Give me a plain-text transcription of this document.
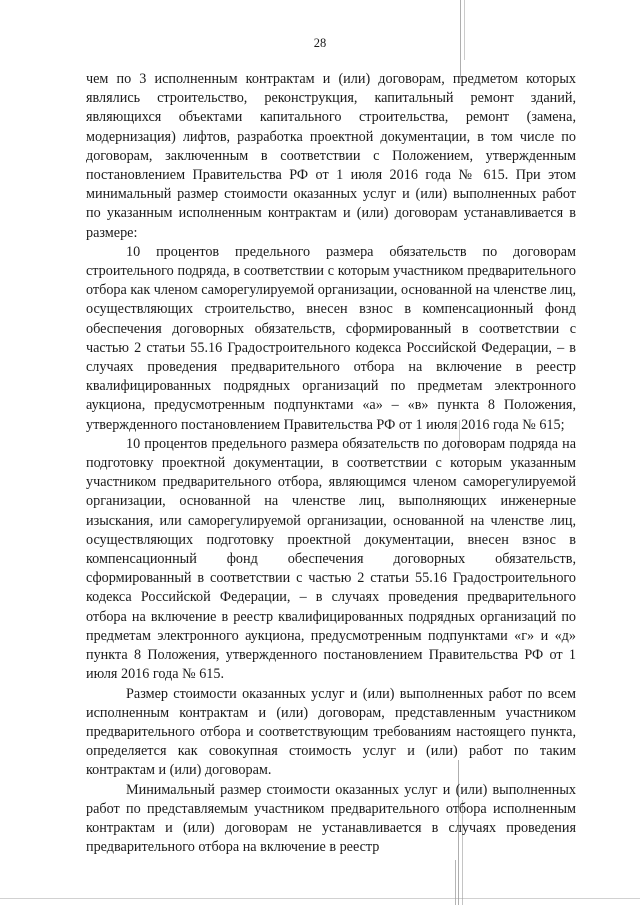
28

чем по 3 исполненным контрактам и (или) договорам, предметом которых являлись строительство, реконструкция, капитальный ремонт зданий, являющихся объектами капитального строительства, ремонт (замена, модернизация) лифтов, разработка проектной документации, в том числе по договорам, заключенным в соответствии с Положением, утвержденным постановлением Правительства РФ от 1 июля 2016 года № 615. При этом минимальный размер стоимости оказанных услуг и (или) выполненных работ по указанным исполненным контрактам и (или) договорам устанавливается в размере:

10 процентов предельного размера обязательств по договорам строительного подряда, в соответствии с которым участником предварительного отбора как членом саморегулируемой организации, основанной на членстве лиц, осуществляющих строительство, внесен взнос в компенсационный фонд обеспечения договорных обязательств, сформированный в соответствии с частью 2 статьи 55.16 Градостроительного кодекса Российской Федерации, – в случаях проведения предварительного отбора на включение в реестр квалифицированных подрядных организаций по предметам электронного аукциона, предусмотренным подпунктами «а» – «в» пункта 8 Положения, утвержденного постановлением Правительства РФ от 1 июля 2016 года № 615;

10 процентов предельного размера обязательств по договорам подряда на подготовку проектной документации, в соответствии с которым указанным участником предварительного отбора, являющимся членом саморегулируемой организации, основанной на членстве лиц, выполняющих инженерные изыскания, или саморегулируемой организации, основанной на членстве лиц, осуществляющих подготовку проектной документации, внесен взнос в компенсационный фонд обеспечения договорных обязательств, сформированный в соответствии с частью 2 статьи 55.16 Градостроительного кодекса Российской Федерации, – в случаях проведения предварительного отбора на включение в реестр квалифицированных подрядных организаций по предметам электронного аукциона, предусмотренным подпунктами «г» и «д» пункта 8 Положения, утвержденного постановлением Правительства РФ от 1 июля 2016 года № 615.

Размер стоимости оказанных услуг и (или) выполненных работ по всем исполненным контрактам и (или) договорам, представленным участником предварительного отбора и соответствующим требованиям настоящего пункта, определяется как совокупная стоимость услуг и (или) работ по таким контрактам и (или) договорам.

Минимальный размер стоимости оказанных услуг и (или) выполненных работ по представляемым участником предварительного отбора исполненным контрактам и (или) договорам не устанавливается в случаях проведения предварительного отбора на включение в реестр
